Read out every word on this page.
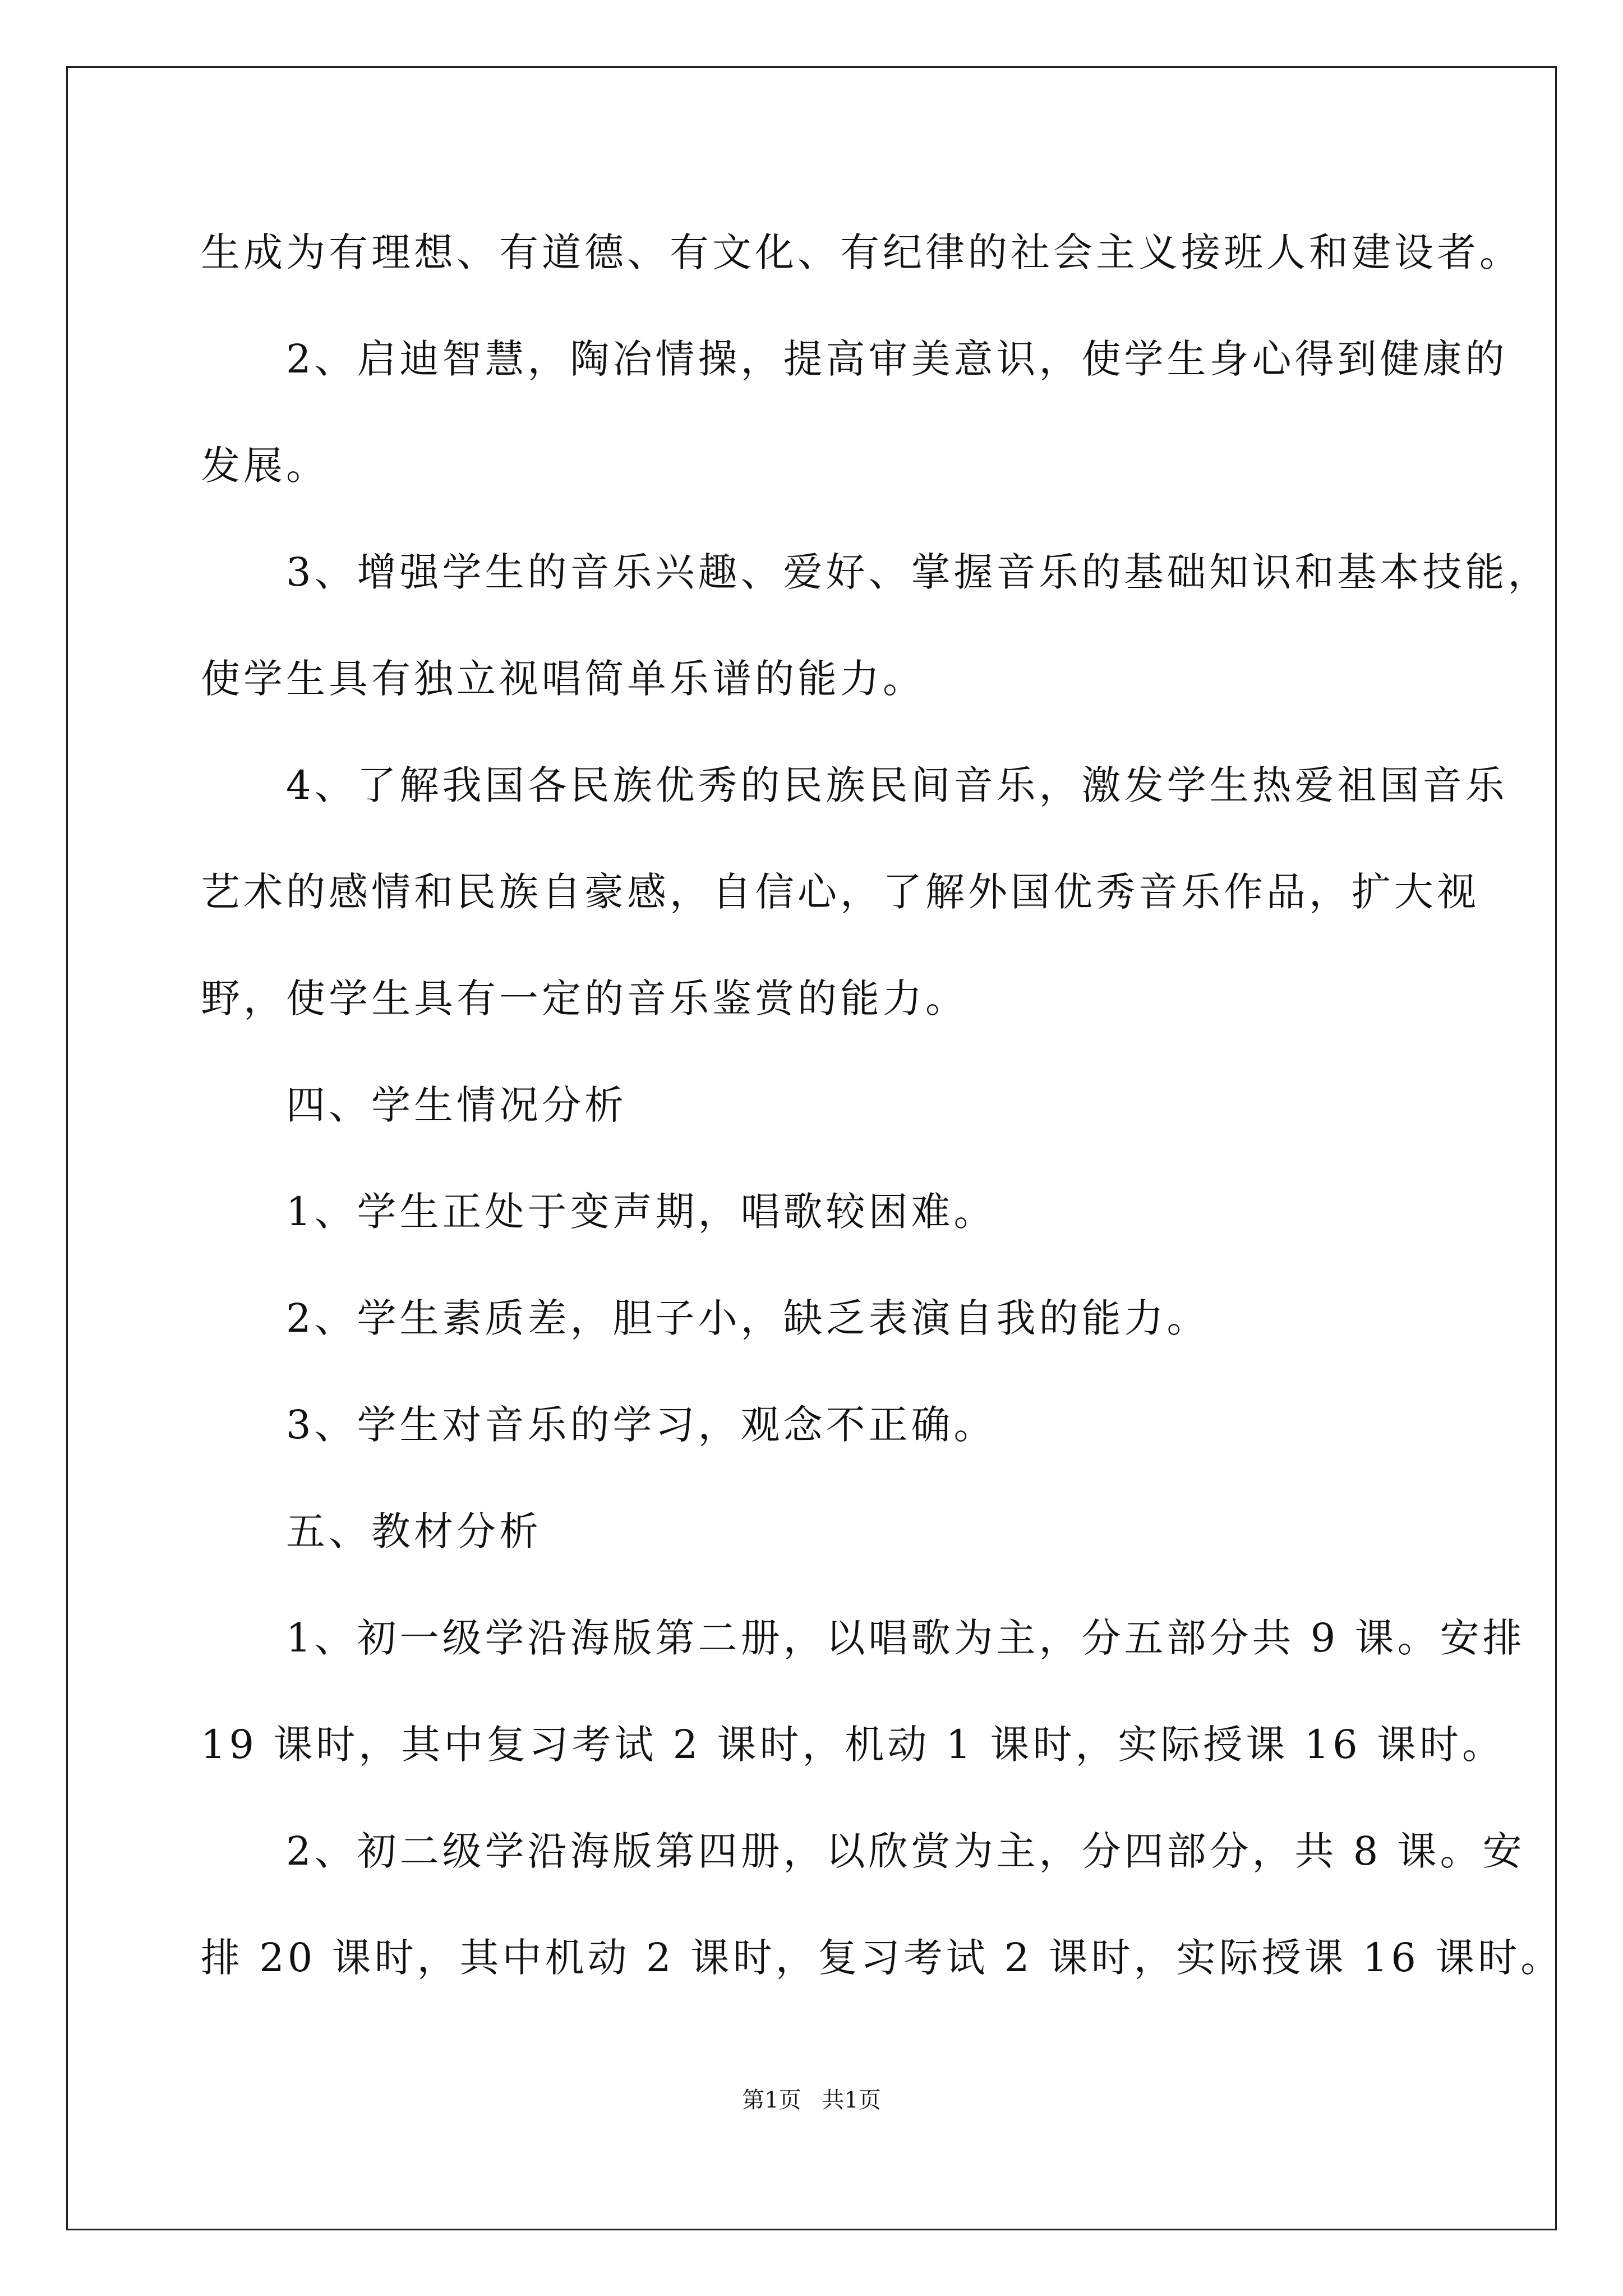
生成为有理想、有道德、有文化、有纪律的社会主义接班人和建设者。
　　2、启迪智慧，陶冶情操，提高审美意识，使学生身心得到健康的
发展。
　　3、增强学生的音乐兴趣、爱好、掌握音乐的基础知识和基本技能，
使学生具有独立视唱简单乐谱的能力。
　　4、了解我国各民族优秀的民族民间音乐，激发学生热爱祖国音乐
艺术的感情和民族自豪感，自信心，了解外国优秀音乐作品，扩大视
野，使学生具有一定的音乐鉴赏的能力。
　　四、学生情况分析
　　1、学生正处于变声期，唱歌较困难。
　　2、学生素质差，胆子小，缺乏表演自我的能力。
　　3、学生对音乐的学习，观念不正确。
　　五、教材分析
　　1、初一级学沿海版第二册，以唱歌为主，分五部分共 9 课。安排
19 课时，其中复习考试 2 课时，机动 1 课时，实际授课 16 课时。
　　2、初二级学沿海版第四册，以欣赏为主，分四部分，共 8 课。安
排 20 课时，其中机动 2 课时，复习考试 2 课时，实际授课 16 课时。
第1页 共1页
